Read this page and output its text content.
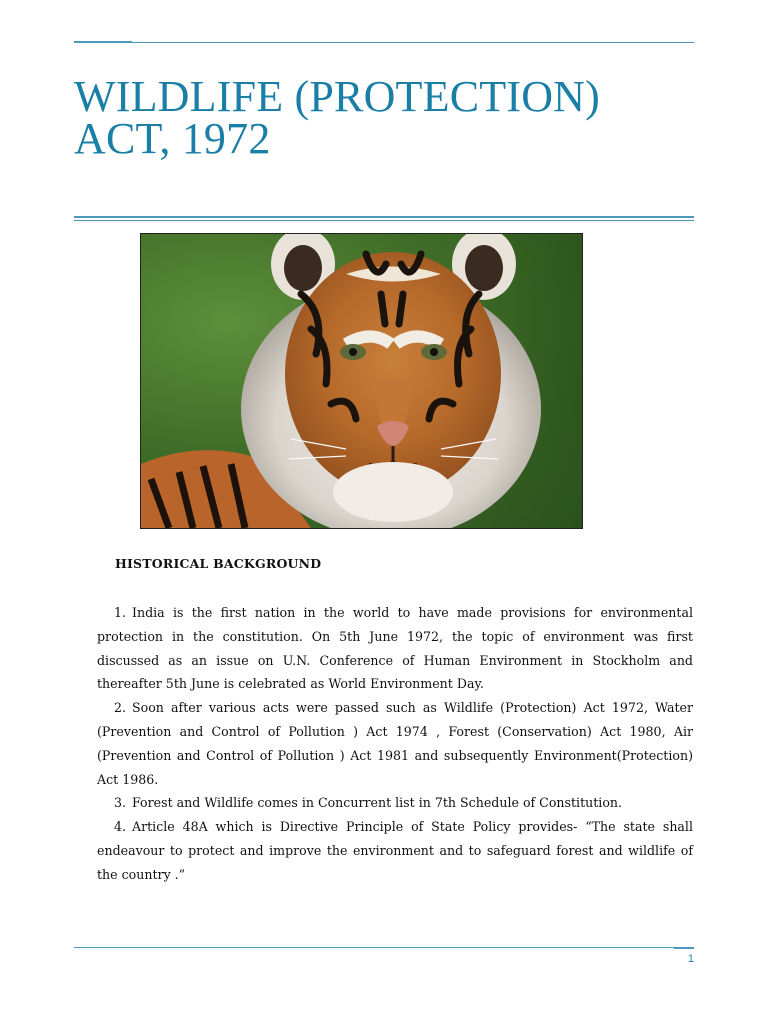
WILDLIFE (PROTECTION)
ACT, 1972
HISTORICAL BACKGROUND
1. India is the first nation in the world to have made provisions for environmental protection in the constitution. On 5th June 1972, the topic of environment was first discussed as an issue on U.N. Conference of Human Environment in Stockholm and thereafter 5th June is celebrated as World Environment Day.
2. Soon after various acts were passed such as Wildlife (Protection) Act 1972, Water (Prevention and Control of Pollution ) Act 1974 , Forest (Conservation) Act 1980, Air (Prevention and Control of Pollution ) Act 1981 and subsequently Environment(Protection) Act 1986.
3. Forest and Wildlife comes in Concurrent list in 7th Schedule of Constitution.
4. Article 48A which is Directive Principle of State Policy provides- “The state shall endeavour to protect and improve the environment and to safeguard forest and wildlife of the country .”
1
